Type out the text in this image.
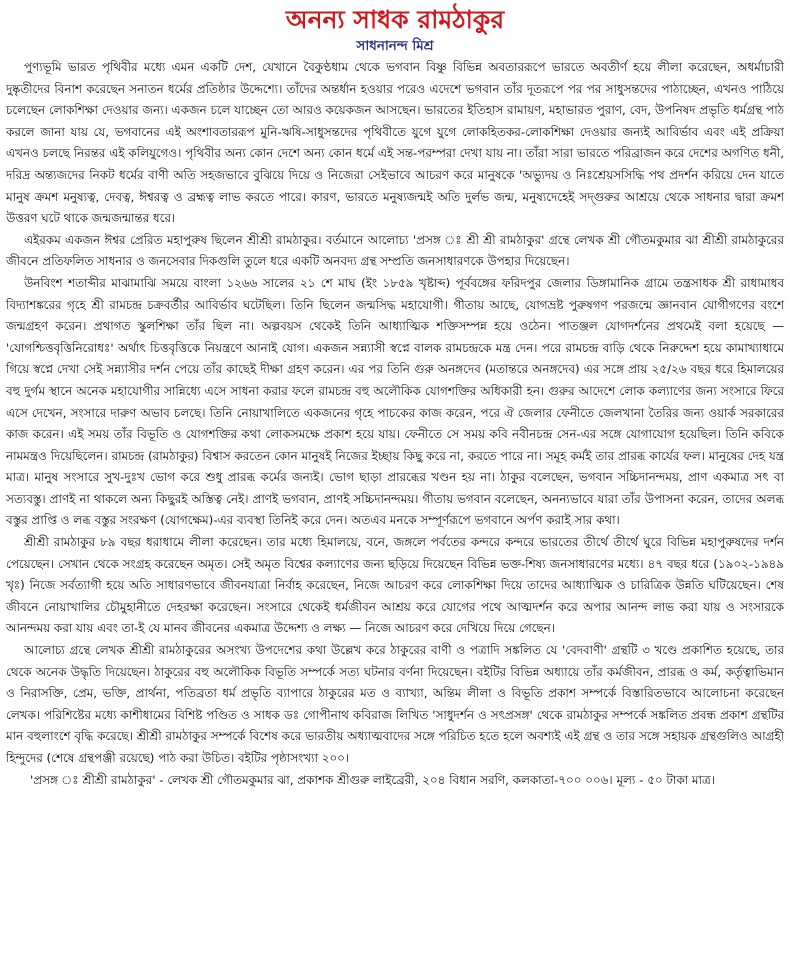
অনন্য সাধক রামঠাকুর
সাধনানন্দ মিশ্র

পুণ্যভূমি ভারত পৃথিবীর মধ্যে এমন একটি দেশ, যেখানে বৈকুণ্ঠধাম থেকে ভগবান বিষ্ণু বিভিন্ন অবতাররূপে ভারতে অবতীর্ণ হয়ে লীলা করেছেন, অধর্মাচারী দুষ্কৃতীদের বিনাশ করেছেন সনাতন ধর্মের প্রতিষ্ঠার উদ্দেশ্যে। তাঁদের অন্তর্ধান হওয়ার পরেও এদেশে ভগবান তাঁর দূতরূপে পর পর সাধুসন্তদের পাঠাচ্ছেন, এখনও পাঠিয়ে চলেছেন লোকশিক্ষা দেওয়ার জন্য। একজন চলে যাচ্ছেন তো আরও কয়েকজন আসছেন। ভারতের ইতিহাস রামায়ণ, মহাভারত পুরাণ, বেদ, উপনিষদ প্রভৃতি ধর্মগ্রন্থ পাঠ করলে জানা যায় যে, ভগবানের এই অংশাবতাররূপ মুনি-ঋষি-সাধুসন্তদের পৃথিবীতে যুগে যুগে লোকহিতকর-লোকশিক্ষা দেওয়ার জন্যই আবির্ভাব এবং এই প্রক্রিয়া এখনও চলছে নিরন্তর এই কলিযুগেও। পৃথিবীর অন্য কোন দেশে অন্য কোন ধর্মে এই সন্ত-পরম্পরা দেখা যায় না। তাঁরা সারা ভারতে পরিব্রাজন করে দেশের অগণিত ধনী, দরিদ্র অন্ত্যজদের নিকট ধর্মের বাণী অতি সহজভাবে বুঝিয়ে দিয়ে ও নিজেরা সেইভাবে আচরণ করে মানুষকে 'অভ্যুদয় ও নিঃশ্রেয়সসিদ্ধি পথ প্রদর্শন করিয়ে দেন যাতে মানুষ ক্রমশ মনুষ্যত্ব, দেবত্ব, ঈশ্বরত্ব ও ব্রহ্মত্ব লাভ করতে পারে। কারণ, ভারতে মনুষ্যজন্মই অতি দুর্লভ জন্ম, মনুষ্যদেহেই সদ্গুরুর আশ্রয়ে থেকে সাধনার দ্বারা ক্রমশ উত্তরণ ঘটে থাকে জন্মজন্মান্তর ধরে।

এইরকম একজন ঈশ্বর প্রেরিত মহাপুরুষ ছিলেন শ্রীশ্রী রামঠাকুর। বর্তমানে আলোচ্য 'প্রসঙ্গ ঃ শ্রী শ্রী রামঠাকুর' গ্রন্থে লেখক শ্রী গৌতমকুমার ঝা শ্রীশ্রী রামঠাকুরের জীবনে প্রতিফলিত সাধনার ও জনসেবার দিকগুলি তুলে ধরে একটি অনবদ্য গ্রন্থ সম্প্রতি জনসাধারণকে উপহার দিয়েছেন।

উনবিংশ শতাব্দীর মাঝামাঝি সময়ে বাংলা ১২৬৬ সালের ২১ শে মাঘ (ইং ১৮৫৯ খৃষ্টাব্দ) পূর্ববঙ্গের ফরিদপুর জেলার ডিঙ্গামানিক গ্রামে তন্ত্রসাধক শ্রী রাধামাধব বিদ্যাশঙ্করের গৃহে শ্রী রামচন্দ্র চক্রবর্তীর আবির্ভাব ঘটেছিল। তিনি ছিলেন জন্মসিদ্ধ মহাযোগী। গীতায় আছে, যোগভ্রষ্ট পুরুষগণ পরজন্মে জ্ঞানবান যোগীগণের বংশে জন্মগ্রহণ করেন। প্রথাগত স্কুলশিক্ষা তাঁর ছিল না। অল্পবয়স থেকেই তিনি আধ্যাত্মিক শক্তিসম্পন্ন হয়ে ওঠেন। পাতঞ্জল যোগদর্শনের প্রথমেই বলা হয়েছে — 'যোগশ্চিত্তবৃত্তিনিরোধঃ' অর্থাৎ চিত্তবৃত্তিকে নিয়ন্ত্রণে আনাই যোগ। একজন সন্ন্যাসী স্বপ্নে বালক রামচন্দ্রকে মন্ত্র দেন। পরে রামচন্দ্র বাড়ি থেকে নিরুদ্দেশ হয়ে কামাখ্যাধামে গিয়ে স্বপ্নে দেখা সেই সন্ন্যাসীর দর্শন পেয়ে তাঁর কাছেই দীক্ষা গ্রহণ করেন। এর পর তিনি গুরু অনঙ্গদেব (মতান্তরে অনঙ্গদেব) এর সঙ্গে প্রায় ২৫/২৬ বছর ধরে হিমালয়ের বহু দুর্গম স্থানে অনেক মহাযোগীর সান্নিধ্যে এসে সাধনা করার ফলে রামচন্দ্র বহু অলৌকিক যোগশক্তির অধিকারী হন। গুরুর আদেশে লোক কল্যাণের জন্য সংসারে ফিরে এসে দেখেন, সংসারে দারুণ অভাব চলছে। তিনি নোয়াখালিতে একজনের গৃহে পাচকের কাজ করেন, পরে ঐ জেলার ফেনীতে জেলখানা তৈরির জন্য ওয়ার্ক সরকারের কাজ করেন। এই সময় তাঁর বিভূতি ও যোগশক্তির কথা লোকসমক্ষে প্রকাশ হয়ে যায়। ফেনীতে সে সময় কবি নবীনচন্দ্র সেন-এর সঙ্গে যোগাযোগ হয়েছিল। তিনি কবিকে নামমন্ত্রও দিয়েছিলেন। রামচন্দ্র (রামঠাকুর) বিশ্বাস করতেন কোন মানুষই নিজের ইচ্ছায় কিছু করে না, করতে পারে না। সমূহ কর্মই তার প্রারব্ধ কার্যের ফল। মানুষের দেহ যন্ত্র মাত্র। মানুষ সংসারে সুখ-দুঃখ ভোগ করে শুধু প্রারব্ধ কর্মের জন্যই। ভোগ ছাড়া প্রারব্ধের খণ্ডন হয় না। ঠাকুর বলেছেন, ভগবান সচ্চিদানন্দময়, প্রাণ একমাত্র সৎ বা সত্যবস্তু। প্রাণই না থাকলে অন্য কিছুরই অস্তিত্ব নেই। প্রাণই ভগবান, প্রাণই সচ্চিদানন্দময়। গীতায় ভগবান বলেছেন, অনন্যভাবে যারা তাঁর উপাসনা করেন, তাদের অলব্ধ বস্তুর প্রাপ্তি ও লব্ধ বস্তুর সংরক্ষণ (যোগক্ষেম)-এর ব্যবস্থা তিনিই করে দেন। অতএব মনকে সম্পূর্ণরূপে ভগবানে অর্পণ করাই সার কথা।

শ্রীশ্রী রামঠাকুর ৮৯ বছর ধরাধামে লীলা করেছেন। তার মধ্যে হিমালয়ে, বনে, জঙ্গলে পর্বতের কন্দরে কন্দরে ভারতের তীর্থে তীর্থে ঘুরে বিভিন্ন মহাপুরুষদের দর্শন পেয়েছেন। সেখান থেকে সংগ্রহ করেছেন অমৃত। সেই অমৃত বিশ্বের কল্যাণের জন্য ছড়িয়ে দিয়েছেন বিভিন্ন ভক্ত-শিষ্য জনসাধারণের মধ্যে। ৪৭ বছর ধরে (১৯০২-১৯৪৯ খৃঃ) নিজে সর্বত্যাগী হয়ে অতি সাধারণভাবে জীবনযাত্রা নির্বাহ করেছেন, নিজে আচরণ করে লোকশিক্ষা দিয়ে তাদের আধ্যাত্মিক ও চারিত্রিক উন্নতি ঘটিয়েছেন। শেষ জীবনে নোয়াখালির চৌমুহানীতে দেহরক্ষা করেছেন। সংসারে থেকেই ধর্মজীবন আশ্রয় করে যোগের পথে আত্মদর্শন করে অপার আনন্দ লাভ করা যায় ও সংসারকে আনন্দময় করা যায় এবং তা-ই যে মানব জীবনের একমাত্র উদ্দেশ্য ও লক্ষ্য — নিজে আচরণ করে দেখিয়ে দিয়ে গেছেন।

আলোচ্য গ্রন্থে লেখক শ্রীশ্রী রামঠাকুরের অসংখ্য উপদেশের কথা উল্লেখ করে ঠাকুরের বাণী ও পত্রাদি সঙ্কলিত যে 'বেদবাণী' গ্রন্থটি ৩ খণ্ডে প্রকাশিত হয়েছে, তার থেকে অনেক উদ্ধৃতি দিয়েছেন। ঠাকুরের বহু অলৌকিক বিভূতি সম্পর্কে সত্য ঘটনার বর্ণনা দিয়েছেন। বইটির বিভিন্ন অধ্যায়ে তাঁর কর্মজীবন, প্রারব্ধ ও কর্ম, কর্তৃত্বাভিমান ও নিরাসক্তি, প্রেম, ভক্তি, প্রার্থনা, পতিব্রতা ধর্ম প্রভৃতি ব্যাপারে ঠাকুরের মত ও ব্যাখ্যা, অন্তিম লীলা ও বিভূতি প্রকাশ সম্পর্কে বিস্তারিতভাবে আলোচনা করেছেন লেখক। পরিশিষ্টের মধ্যে কাশীধামের বিশিষ্ট পণ্ডিত ও সাধক ডঃ গোপীনাথ কবিরাজ লিখিত 'সাধুদর্শন ও সৎপ্রসঙ্গ' থেকে রামঠাকুর সম্পর্কে সঙ্কলিত প্রবন্ধ প্রকাশ গ্রন্থটির মান বহুলাংশে বৃদ্ধি করেছে। শ্রীশ্রী রামঠাকুর সম্পর্কে বিশেষ করে ভারতীয় অধ্যাত্মবাদের সঙ্গে পরিচিত হতে হলে অবশ্যই এই গ্রন্থ ও তার সঙ্গে সহায়ক গ্রন্থগুলিও আগ্রহী হিন্দুদের (শেষে গ্রন্থপঞ্জী রয়েছে) পাঠ করা উচিত। বইটির পৃষ্ঠাসংখ্যা ২০০।

'প্রসঙ্গ ঃ শ্রীশ্রী রামঠাকুর' - লেখক শ্রী গৌতমকুমার ঝা, প্রকাশক শ্রীগুরু লাইব্রেরী, ২০৪ বিধান সরণি, কলকাতা-৭০০ ০০৬। মূল্য - ৫০ টাকা মাত্র।
